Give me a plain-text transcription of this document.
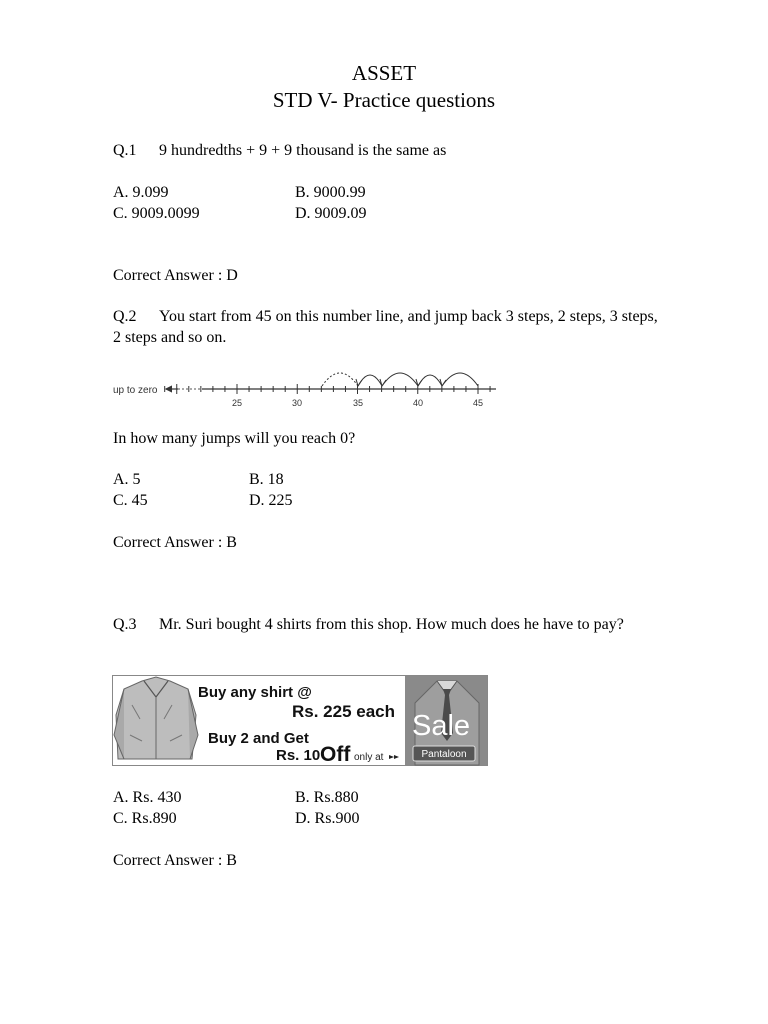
ASSET
STD V- Practice questions
Q.1 9 hundredths + 9 + 9 thousand is the same as
A. 9.099	B. 9000.99
C. 9009.0099	D. 9009.09
Correct Answer : D
Q.2 You start from 45 on this number line, and jump back 3 steps, 2 steps, 3 steps, 2 steps and so on.
up to zero
25	30	35	40	45
In how many jumps will you reach 0?
A. 5	B. 18
C. 45	D. 225
Correct Answer : B
Q.3 Mr. Suri bought 4 shirts from this shop. How much does he have to pay?
Buy any shirt @
Rs. 225 each
Buy 2 and Get
Rs. 10 Off only at
Sale
Pantaloon
A. Rs. 430	B. Rs.880
C. Rs.890	D. Rs.900
Correct Answer : B
